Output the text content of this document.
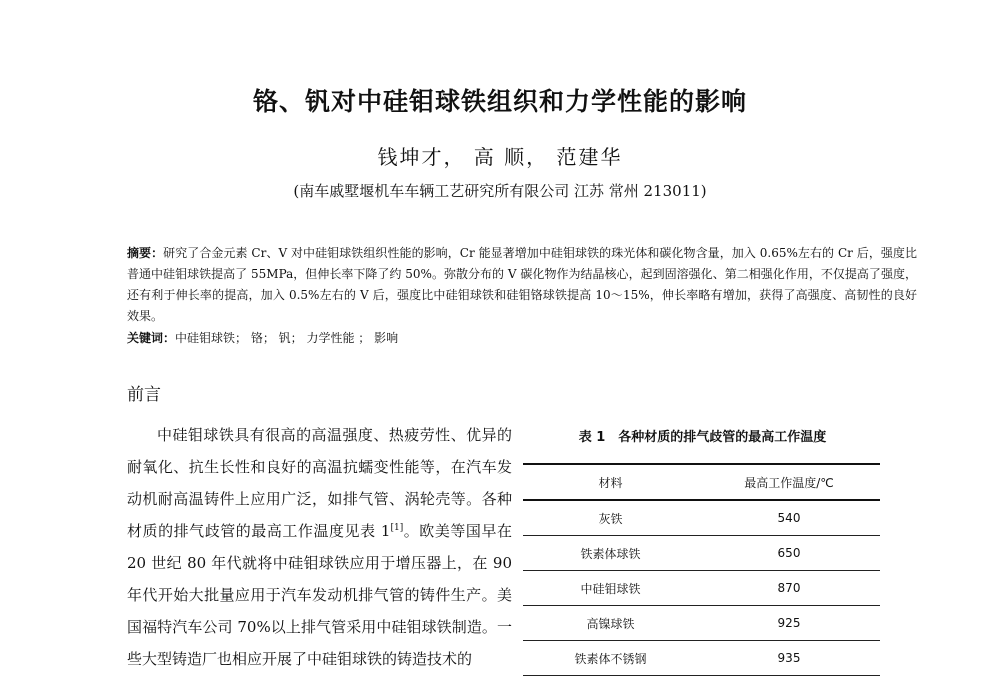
铬、钒对中硅钼球铁组织和力学性能的影响
钱坤才， 高 顺， 范建华
(南车戚墅堰机车车辆工艺研究所有限公司 江苏 常州 213011)
摘要：研究了合金元素 Cr、V 对中硅钼球铁组织性能的影响，Cr 能显著增加中硅钼球铁的珠光体和碳化物含量，加入 0.65%左右的 Cr 后，强度比普通中硅钼球铁提高了 55MPa，但伸长率下降了约 50%。弥散分布的 V 碳化物作为结晶核心，起到固溶强化、第二相强化作用，不仅提高了强度，还有利于伸长率的提高，加入 0.5%左右的 V 后，强度比中硅钼球铁和硅钼铬球铁提高 10～15%，伸长率略有增加，获得了高强度、高韧性的良好效果。
关键词：中硅钼球铁； 铬； 钒； 力学性能 ； 影响
前言

中硅钼球铁具有很高的高温强度、热疲劳性、优异的耐氧化、抗生长性和良好的高温抗蠕变性能等，在汽车发动机耐高温铸件上应用广泛，如排气管、涡轮壳等。各种材质的排气歧管的最高工作温度见表 1[1]。欧美等国早在 20 世纪 80 年代就将中硅钼球铁应用于增压器上，在 90 年代开始大批量应用于汽车发动机排气管的铸件生产。美国福特汽车公司 70%以上排气管采用中硅钼球铁制造。一些大型铸造厂也相应开展了中硅钼球铁的铸造技术的

表 1　各种材质的排气歧管的最高工作温度
材料	最高工作温度/℃
灰铁	540
铁素体球铁	650
中硅钼球铁	870
高镍球铁	925
铁素体不锈钢	935
